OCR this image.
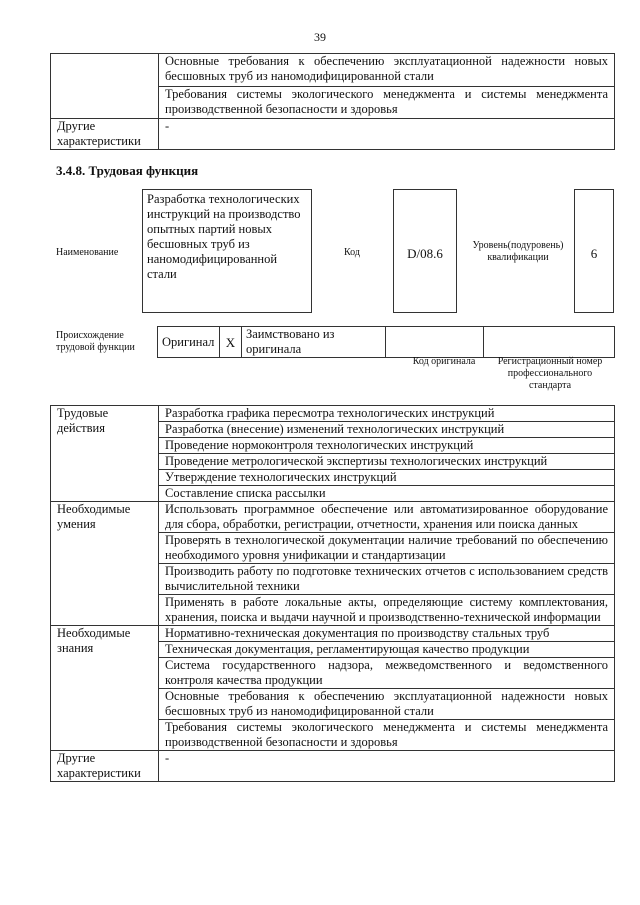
39
	Основные требования к обеспечению эксплуатационной надежности новых бесшовных труб из наномодифицированной стали
	Требования системы экологического менеджмента и системы менеджмента производственной безопасности и здоровья
Другие характеристики	-
3.4.8. Трудовая функция
Наименование
Разработка технологических инструкций на производство опытных партий новых бесшовных труб из наномодифицированной стали
Код	D/08.6
Уровень(подуровень) квалификации	6
Происхождение трудовой функции	Оригинал	X	Заимствовано из оригинала		
Код оригинала	Регистрационный номер профессионального стандарта
Трудовые действия	Разработка графика пересмотра технологических инструкций
	Разработка (внесение) изменений технологических инструкций
	Проведение нормоконтроля технологических инструкций
	Проведение метрологической экспертизы технологических инструкций
	Утверждение технологических инструкций
	Составление списка рассылки
Необходимые умения	Использовать программное обеспечение или автоматизированное оборудование для сбора, обработки, регистрации, отчетности, хранения или поиска данных
	Проверять в технологической документации наличие требований по обеспечению необходимого уровня унификации и стандартизации
	Производить работу по подготовке технических отчетов с использованием средств вычислительной техники
	Применять в работе локальные акты, определяющие систему комплектования, хранения, поиска и выдачи научной и производственно-технической информации
Необходимые знания	Нормативно-техническая документация по производству стальных труб
	Техническая документация, регламентирующая качество продукции
	Система государственного надзора, межведомственного и ведомственного контроля качества продукции
	Основные требования к обеспечению эксплуатационной надежности новых бесшовных труб из наномодифицированной стали
	Требования системы экологического менеджмента и системы менеджмента производственной безопасности и здоровья
Другие характеристики	-
